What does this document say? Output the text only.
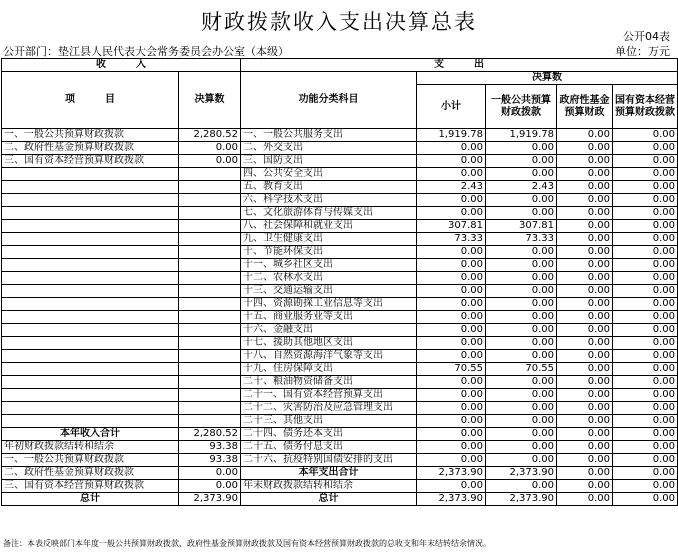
财政拨款收入支出决算总表
公开04表
公开部门：垫江县人民代表大会常务委员会办公室（本级）	单位：万元
收　　　入		支　　　出				
项　　　目	决算数	功能分类科目	决算数			
			小计	一般公共预算财政拨款	政府性基金预算财政	国有资本经营预算财政拨款

一、一般公共预算财政拨款	2,280.52	一、一般公共服务支出	1,919.78	1,919.78	0.00	0.00
二、政府性基金预算财政拨款	0.00	二、外交支出	0.00	0.00	0.00	0.00
三、国有资本经营预算财政拨款	0.00	三、国防支出	0.00	0.00	0.00	0.00
		四、公共安全支出	0.00	0.00	0.00	0.00
		五、教育支出	2.43	2.43	0.00	0.00
		六、科学技术支出	0.00	0.00	0.00	0.00
		七、文化旅游体育与传媒支出	0.00	0.00	0.00	0.00
		八、社会保障和就业支出	307.81	307.81	0.00	0.00
		九、卫生健康支出	73.33	73.33	0.00	0.00
		十、节能环保支出	0.00	0.00	0.00	0.00
		十一、城乡社区支出	0.00	0.00	0.00	0.00
		十二、农林水支出	0.00	0.00	0.00	0.00
		十三、交通运输支出	0.00	0.00	0.00	0.00
		十四、资源勘探工业信息等支出	0.00	0.00	0.00	0.00
		十五、商业服务业等支出	0.00	0.00	0.00	0.00
		十六、金融支出	0.00	0.00	0.00	0.00
		十七、援助其他地区支出	0.00	0.00	0.00	0.00
		十八、自然资源海洋气象等支出	0.00	0.00	0.00	0.00
		十九、住房保障支出	70.55	70.55	0.00	0.00
		二十、粮油物资储备支出	0.00	0.00	0.00	0.00
		二十一、国有资本经营预算支出	0.00	0.00	0.00	0.00
		二十二、灾害防治及应急管理支出	0.00	0.00	0.00	0.00
		二十三、其他支出	0.00	0.00	0.00	0.00
本年收入合计	2,280.52	二十四、债务还本支出	0.00	0.00	0.00	0.00
年初财政拨款结转和结余	93.38	二十五、债务付息支出	0.00	0.00	0.00	0.00
一、一般公共预算财政拨款	93.38	二十六、抗疫特别国债安排的支出	0.00	0.00	0.00	0.00
二、政府性基金预算财政拨款	0.00	本年支出合计	2,373.90	2,373.90	0.00	0.00
三、国有资本经营预算财政拨款	0.00	年末财政拨款结转和结余	0.00	0.00	0.00	0.00
总计	2,373.90	总计	2,373.90	2,373.90	0.00	0.00
备注：本表反映部门本年度一般公共预算财政拨款、政府性基金预算财政拨款及国有资本经营预算财政拨款的总收支和年末结转结余情况。
